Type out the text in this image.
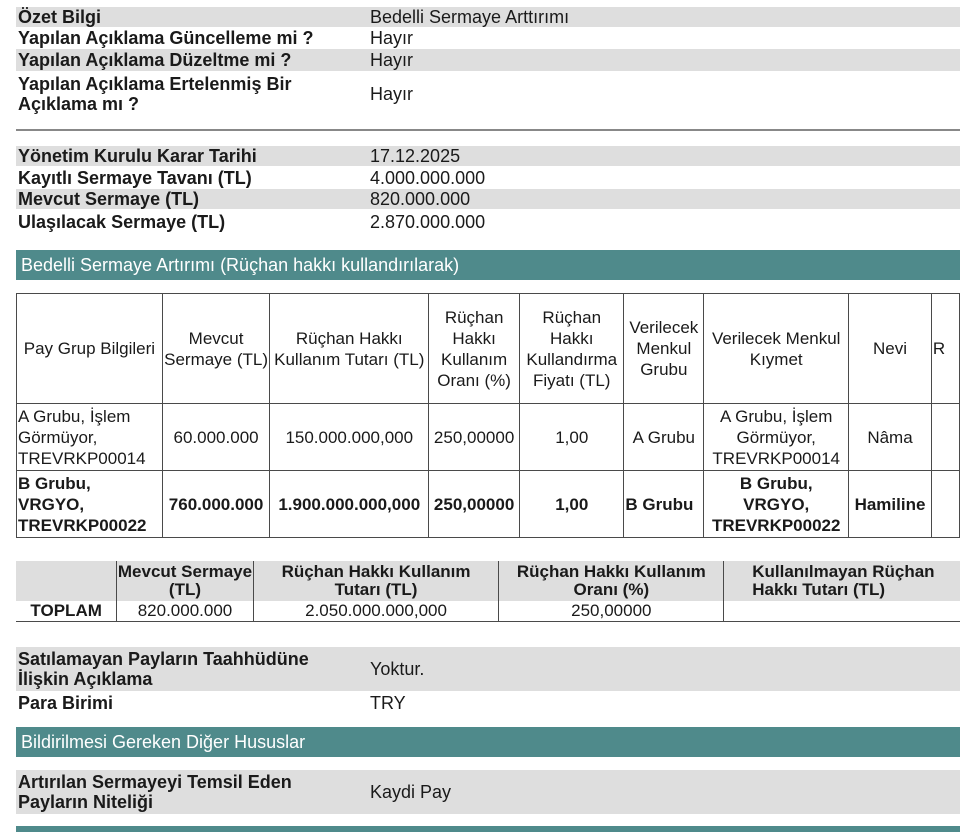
Özet Bilgi	Bedelli Sermaye Arttırımı
Yapılan Açıklama Güncelleme mi ?	Hayır
Yapılan Açıklama Düzeltme mi ?	Hayır
Yapılan Açıklama Ertelenmiş Bir Açıklama mı ?	Hayır
Yönetim Kurulu Karar Tarihi	17.12.2025
Kayıtlı Sermaye Tavanı (TL)	4.000.000.000
Mevcut Sermaye (TL)	820.000.000
Ulaşılacak Sermaye (TL)	2.870.000.000
Bedelli Sermaye Artırımı (Rüçhan hakkı kullandırılarak)
Pay Grup Bilgileri	Mevcut Sermaye (TL)	Rüçhan Hakkı Kullanım Tutarı (TL)	Rüçhan Hakkı Kullanım Oranı (%)	Rüçhan Hakkı Kullandırma Fiyatı (TL)	Verilecek Menkul Grubu	Verilecek Menkul Kıymet	Nevi	R
A Grubu, İşlem Görmüyor, TREVRKP00014	60.000.000	150.000.000,000	250,00000	1,00	A Grubu	A Grubu, İşlem Görmüyor, TREVRKP00014	Nâma	
B Grubu, VRGYO, TREVRKP00022	760.000.000	1.900.000.000,000	250,00000	1,00	B Grubu	B Grubu, VRGYO, TREVRKP00022	Hamiline	
	Mevcut Sermaye (TL)	Rüçhan Hakkı Kullanım Tutarı (TL)	Rüçhan Hakkı Kullanım Oranı (%)	Kullanılmayan Rüçhan Hakkı Tutarı (TL)
TOPLAM	820.000.000	2.050.000.000,000	250,00000	
Satılamayan Payların Taahhüdüne İlişkin Açıklama	Yoktur.
Para Birimi	TRY
Bildirilmesi Gereken Diğer Hususlar
Artırılan Sermayeyi Temsil Eden Payların Niteliği	Kaydi Pay
